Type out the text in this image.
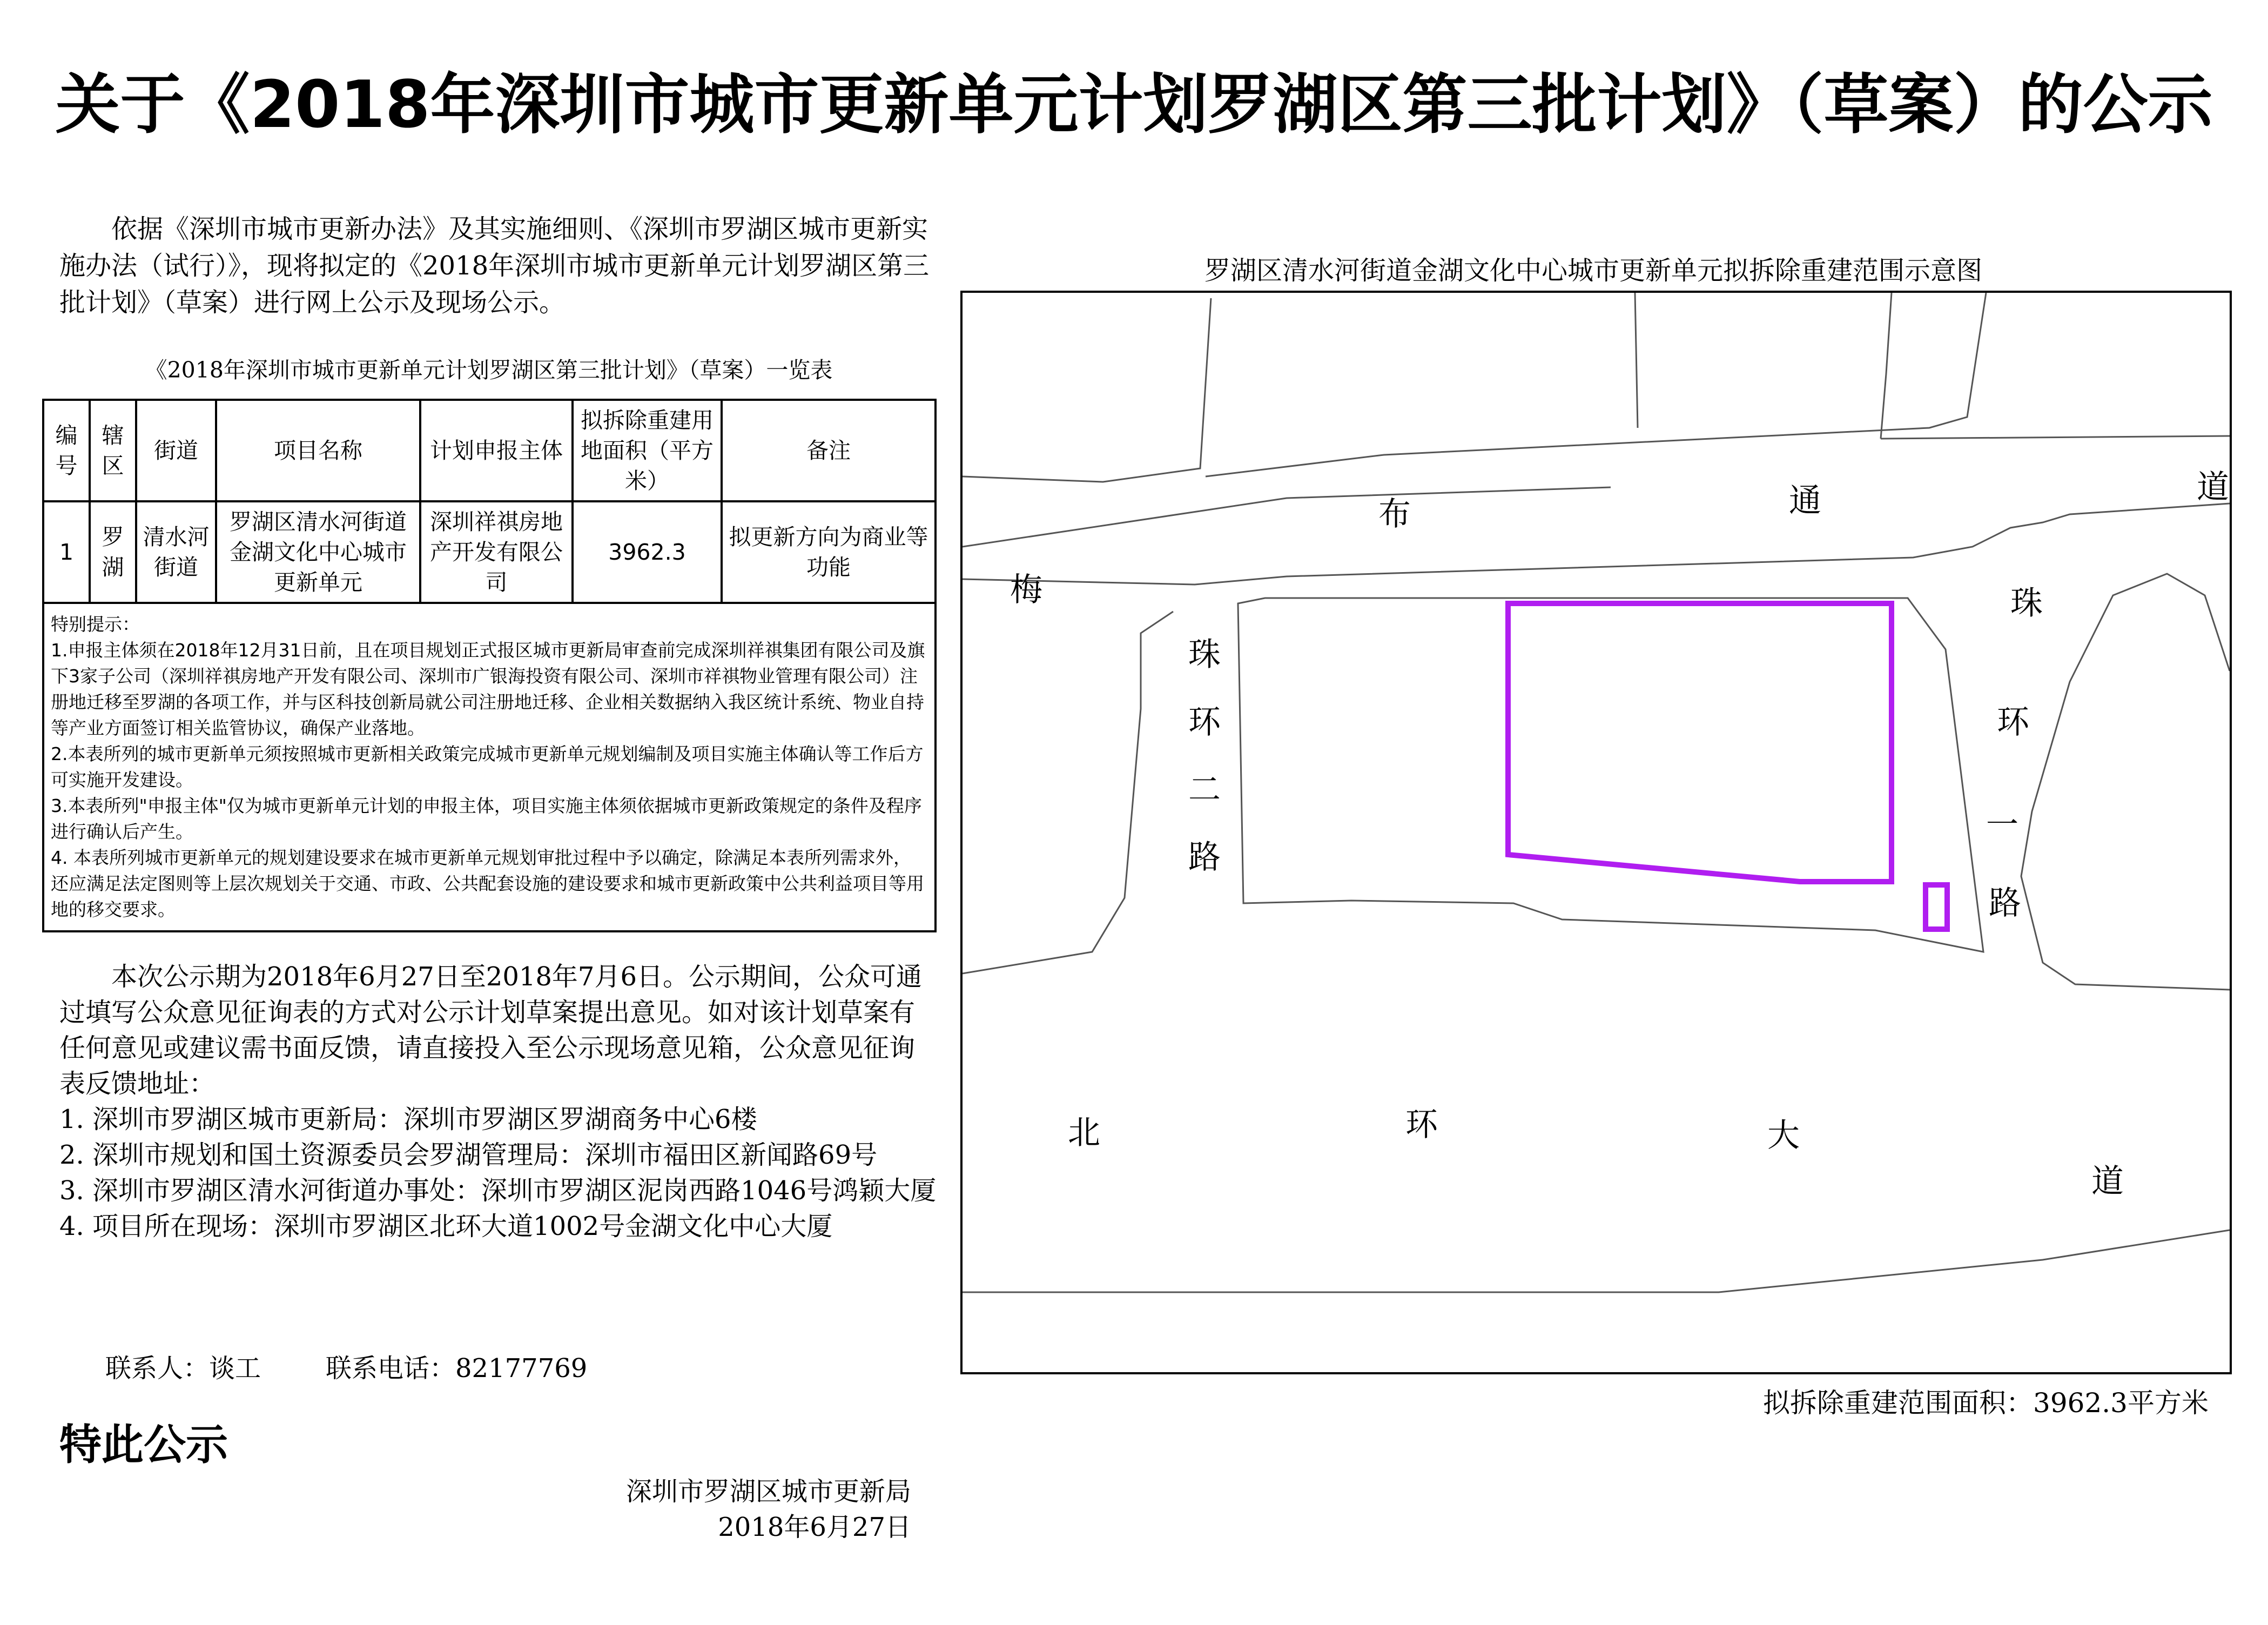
关于《2018年深圳市城市更新单元计划罗湖区第三批计划》（草案）的公示

依据《深圳市城市更新办法》及其实施细则、《深圳市罗湖区城市更新实施办法（试行）》，现将拟定的《2018年深圳市城市更新单元计划罗湖区第三批计划》（草案）进行网上公示及现场公示。

《2018年深圳市城市更新单元计划罗湖区第三批计划》（草案）一览表
编号	辖区	街道	项目名称	计划申报主体	拟拆除重建用地面积（平方米）	备注
1	罗湖	清水河街道	罗湖区清水河街道金湖文化中心城市更新单元	深圳祥祺房地产开发有限公司	3962.3	拟更新方向为商业等功能

特别提示：

1.申报主体须在2018年12月31日前，且在项目规划正式报区城市更新局审查前完成深圳祥祺集团有限公司及旗下3家子公司（深圳祥祺房地产开发有限公司、深圳市广银海投资有限公司、深圳市祥祺物业管理有限公司）注册地迁移至罗湖的各项工作，并与区科技创新局就公司注册地迁移、企业相关数据纳入我区统计系统、物业自持等产业方面签订相关监管协议，确保产业落地。

2.本表所列的城市更新单元须按照城市更新相关政策完成城市更新单元规划编制及项目实施主体确认等工作后方可实施开发建设。

3.本表所列"申报主体"仅为城市更新单元计划的申报主体，项目实施主体须依据城市更新政策规定的条件及程序进行确认后产生。

4. 本表所列城市更新单元的规划建设要求在城市更新单元规划审批过程中予以确定，除满足本表所列需求外，还应满足法定图则等上层次规划关于交通、市政、公共配套设施的建设要求和城市更新政策中公共利益项目等用地的移交要求。						

本次公示期为2018年6月27日至2018年7月6日。公示期间，公众可通过填写公众意见征询表的方式对公示计划草案提出意见。如对该计划草案有任何意见或建议需书面反馈，请直接投入至公示现场意见箱，公众意见征询表反馈地址：

1. 深圳市罗湖区城市更新局：深圳市罗湖区罗湖商务中心6楼

2. 深圳市规划和国土资源委员会罗湖管理局：深圳市福田区新闻路69号

3. 深圳市罗湖区清水河街道办事处：深圳市罗湖区泥岗西路1046号鸿颖大厦

4. 项目所在现场：深圳市罗湖区北环大道1002号金湖文化中心大厦

联系人：谈工	联系电话：82177769
特此公示
深圳市罗湖区城市更新局
2018年6月27日
罗湖区清水河街道金湖文化中心城市更新单元拟拆除重建范围示意图
布	通	道
梅
珠
环
二
路
珠
环
一
路
北	环	大
道
拟拆除重建范围面积：3962.3平方米
